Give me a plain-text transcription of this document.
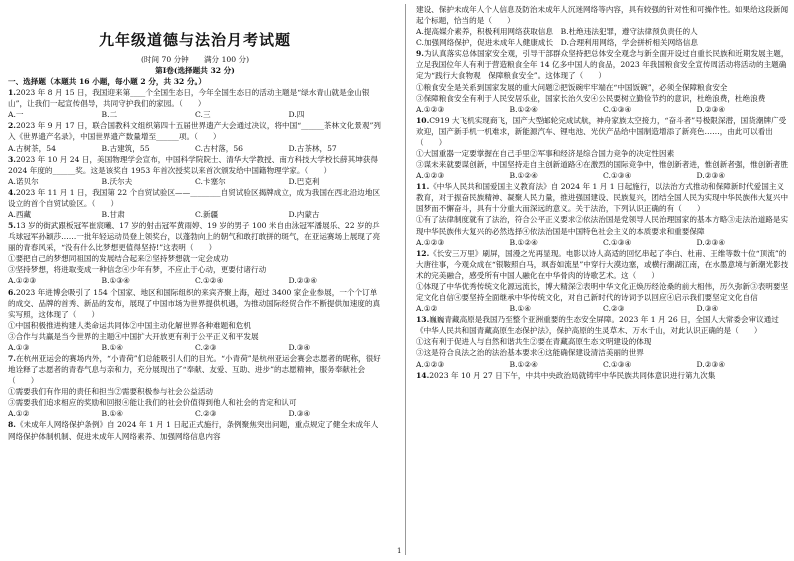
九年级道德与法治月考试题

(时间 70 分钟　　满分 100 分)

第Ⅰ卷(选择题共 32 分)

一、选择题（本题共 16 小题，每小题 2 分，共 32 分。）

1.2023 年 8 月 15 日，我国迎来第____个全国生态日，今年全国生态日的活动主题是“绿水青山就是金山银山”，让我们一起宣传倡导，共同守护我们的家园。（　　）

A.一	B.二	C.三	D.四

2.2023 年 9 月 17 日，联合国教科文组织第四十五届世界遗产大会通过决议，将中国“______茶林文化景观”列入《世界遗产名录》，中国世界遗产数量增至______项。（　　）

A.古树茶，54	B.古建筑，55	C.古村落，56	D.古茶林，57

3.2023 年 10 月 24 日，美国物理学会宣布，中国科学院院士、清华大学教授、南方科技大学校长薛其坤获得 2024 年度的______奖。这是该奖自 1953 年首次授奖以来首次颁发给中国籍物理学家。（　　）

A.诺贝尔	B.沃尔夫	C.卡塞尔	D.巴克利

4.2023 年 11 月 1 日，我国第 22 个自贸试验区——________自贸试验区揭牌成立，成为我国在西北沿边地区设立的首个自贸试验区。（　　）

A.西藏	B.甘肃	C.新疆	D.内蒙古

5.13 岁的街武跟板冠军崔宸曦、17 岁的射击冠军黄雨婷、19 岁的男子 100 米自由泳冠军潘展乐、22 岁的乒乓球冠军孙颖莎……一批年轻运动员登上领奖台，以蓬勃向上的朝气和敢打敢拼的斑气，在亚运赛场上展现了亮丽的青春风采，“没有什么比梦想更值得坚持!”这表明（　　）

①要把自己的梦想同祖国的发展结合起来②坚持梦想就一定会成功

③坚持梦想，将进取变成一种信念④少年有梦，不应止于心动，更要付诸行动

A.①②③	B.①③④	C.①②④	D.②③④

6.2023 年进博会吸引了 154 个国家、地区和国际组织的来宾齐聚上海，超过 3400 家企业参展，一个个订单的成交、品牌的首秀、新品的发布，展现了中国市场为世界提供机遇，为推动国际经贸合作不断提供加速度的真实写照，这体现了（　　）

①中国积极推进构建人类命运共同体②中国主动化解世界各种难题和危机

③合作与共赢是当今世界的主题④中国扩大开放更有利于公平正义和平发展

A.①③	B.①④	C.②③	D.③④

7.在杭州亚运会的赛场内外，“小青荷”们总能吸引人们的目光。“小青荷”是杭州亚运会赛会志愿者的昵称，很好地诠释了志愿者的青春气息与亲和力，充分展现出了“奉献、友爱、互助、进步”的志愿精神，服务奉献社会（　　）

①需要我们有作用的责任和担当②需要积极参与社会公益活动

③需要我们追求相应的奖励和回报④能让我们的社会价值得到他人和社会的肯定和认可

A.①②	B.①④	C.②③	D.③④

8.《未成年人网络保护条例》自 2024 年 1 月 1 日起正式施行，条例聚焦突出问题，重点规定了健全未成年人网络保护体制机制、促进未成年人网络素养、加强网络信息内容

建设、保护未成年人个人信息及防治未成年人沉迷网络等内容，具有较强的针对性和可操作性。如果给这段新闻起个标题，恰当的是（　　）

A.提高媒介素养，积极利用网络获取信息　B.杜绝违法犯罪，遵守法律预负责任的人

C.加强网络保护，促进未成年人健康成长　D.合理利用网络，学会拼析相关网络信息

9.为认真落实总体国家安全观，引导干部群众坚持把总体安全观念与新全面开设过自重长民族和近期发展主题，立足我国位年人有利于营造粮食全年 14 亿多中国人的食品，2023 年我国粮食安全宣传周活动将活动的主题确定为“践行大食物观　保障粮食安全”。这体现了（　　）

①粮食安全是关系到国家发展的重大问题②把饭碗牢牢端在“中国饭碗”，必须全保障粮食安全

③保障粮食安全有利于人民安居乐业，国家长治久安④公民要树立勤俭节约的意识，杜绝浪费，杜绝浪费

A.①②③	B.①②④	C.①③④	D.②③④

10.C919 大飞机实现商飞，国产大型邮轮完成试航，神舟家族太空接力，“奋斗者”号极限深潜，国货潮牌广受欢迎，国产新手机一机难求，新能源汽车、锂电池、光伏产品给中国制造增添了新亮色……，由此可以看出（　　）

①大国重器一定要掌握在自己手里②军事和经济是综合国力竞争的决定性因素

③谋未来就要谋创新，中国坚持走自主创新道路④在激烈的国际竞争中，惟创新者进，惟创新者强，惟创新者胜

A.①②③	B.①②④	C.①③④	D.②③④

11.《中华人民共和国爱国主义教育法》自 2024 年 1 月 1 日起施行，以法治方式推动和保障新时代爱国主义教育，对于振奋民族精神、凝聚人民力量，推进强国建设、民族复兴，团结全国人民为实现中华民族伟大复兴中国梦而不懈奋斗，具有十分重大而深远的意义。关于法治，下列认识正确的有（　　）

①有了法律制度就有了法治，符合公平正义要求②依法治国是党领导人民治理国家的基本方略③走法治道路是实现中华民族伟大复兴的必然选择④依法治国是中国特色社会主义的本质要求和重要保障

A.①②③	B.①②④	C.①③④	D.②③④

12.《长安三万里》刷屏，国漫之光再显现。电影以诗人高适的回忆串起了李白、杜甫、王维等数十位“顶流”的大唐往事，今观众成在“银鞍照白马，飒沓如流星”中穿行大漠边塞，或横行潮湖江南，在水墨意境与新潮光影技术的完美融合，感受所有中国人融化在中华骨肉的诗歌艺术。这（　　）

①体现了中华优秀传统文化源远流长，博大精深②表明中华文化正焕历经沧桑的前大相伟，历久弥新③表明要坚定文化自信④要坚持全面继承中华传统文化，对自己新时代的诗词予以回应④启示我们要坚定文化自信

A.①②	B.①④	C.②③	D.③④

13.巍巍青藏高原是我国乃至整个亚洲重要的生态安全屏障。2023 年 1 月 26 日，全国人大常委会审议通过《中华人民共和国青藏高原生态保护法》，保护高原的生灵草木、万水千山，对此认识正确的是（　　）

①这有利于促进人与自然和谐共生②要在青藏高原生态文明建设的体现

③这是符合良法之治的法治基本要求④这能确保建设清洁美丽的世界

A.①②③	B.①②④	C.①③④	D.②③④

14.2023 年 10 月 27 日下午，中共中央政治局就铸牢中华民族共同体意识进行第九次集

1
